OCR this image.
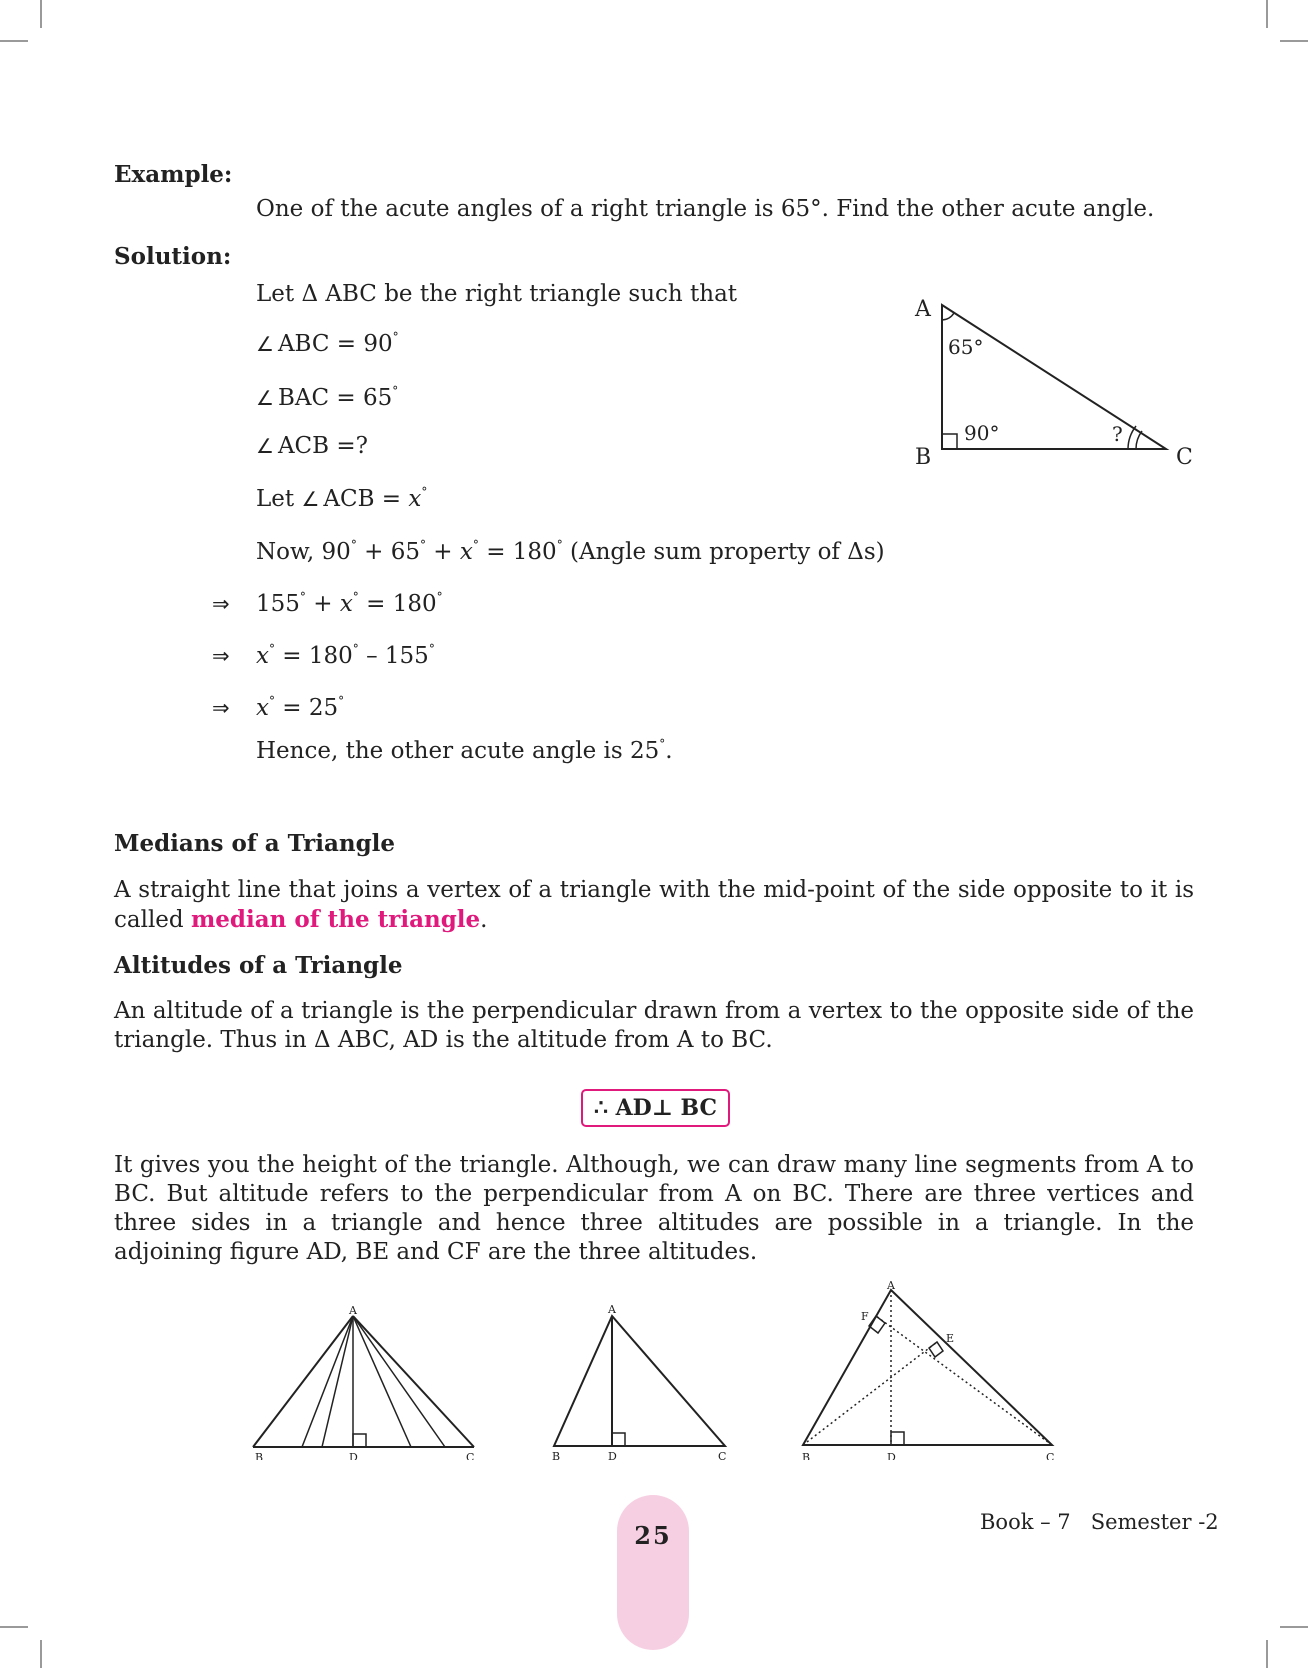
Example:
One of the acute angles of a right triangle is 65°. Find the other acute angle.
Solution:
Let Δ ABC be the right triangle such that
∠ ABC = 90°
∠ BAC = 65°
∠ ACB =?
Let ∠ ACB = x°
Now, 90° + 65° + x° = 180° (Angle sum property of Δs)
⇒ 155° + x° = 180°
⇒ x° = 180° – 155°
⇒ x° = 25°
Hence, the other acute angle is 25°.
A
B	C
65°
90°	?
Medians of a Triangle
A straight line that joins a vertex of a triangle with the mid-point of the side opposite to it is called median of the triangle.
Altitudes of a Triangle
An altitude of a triangle is the perpendicular drawn from a vertex to the opposite side of the triangle. Thus in Δ ABC, AD is the altitude from A to BC.
∴ AD⊥ BC
It gives you the height of the triangle. Although, we can draw many line segments from A to BC. But altitude refers to the perpendicular from A on BC. There are three vertices and three sides in a triangle and hence three altitudes are possible in a triangle. In the adjoining figure AD, BE and CF are the three altitudes.
A
B	D	C
A
B	D	C
A
F
E
B	D	C
25	Book – 7 Semester -2
